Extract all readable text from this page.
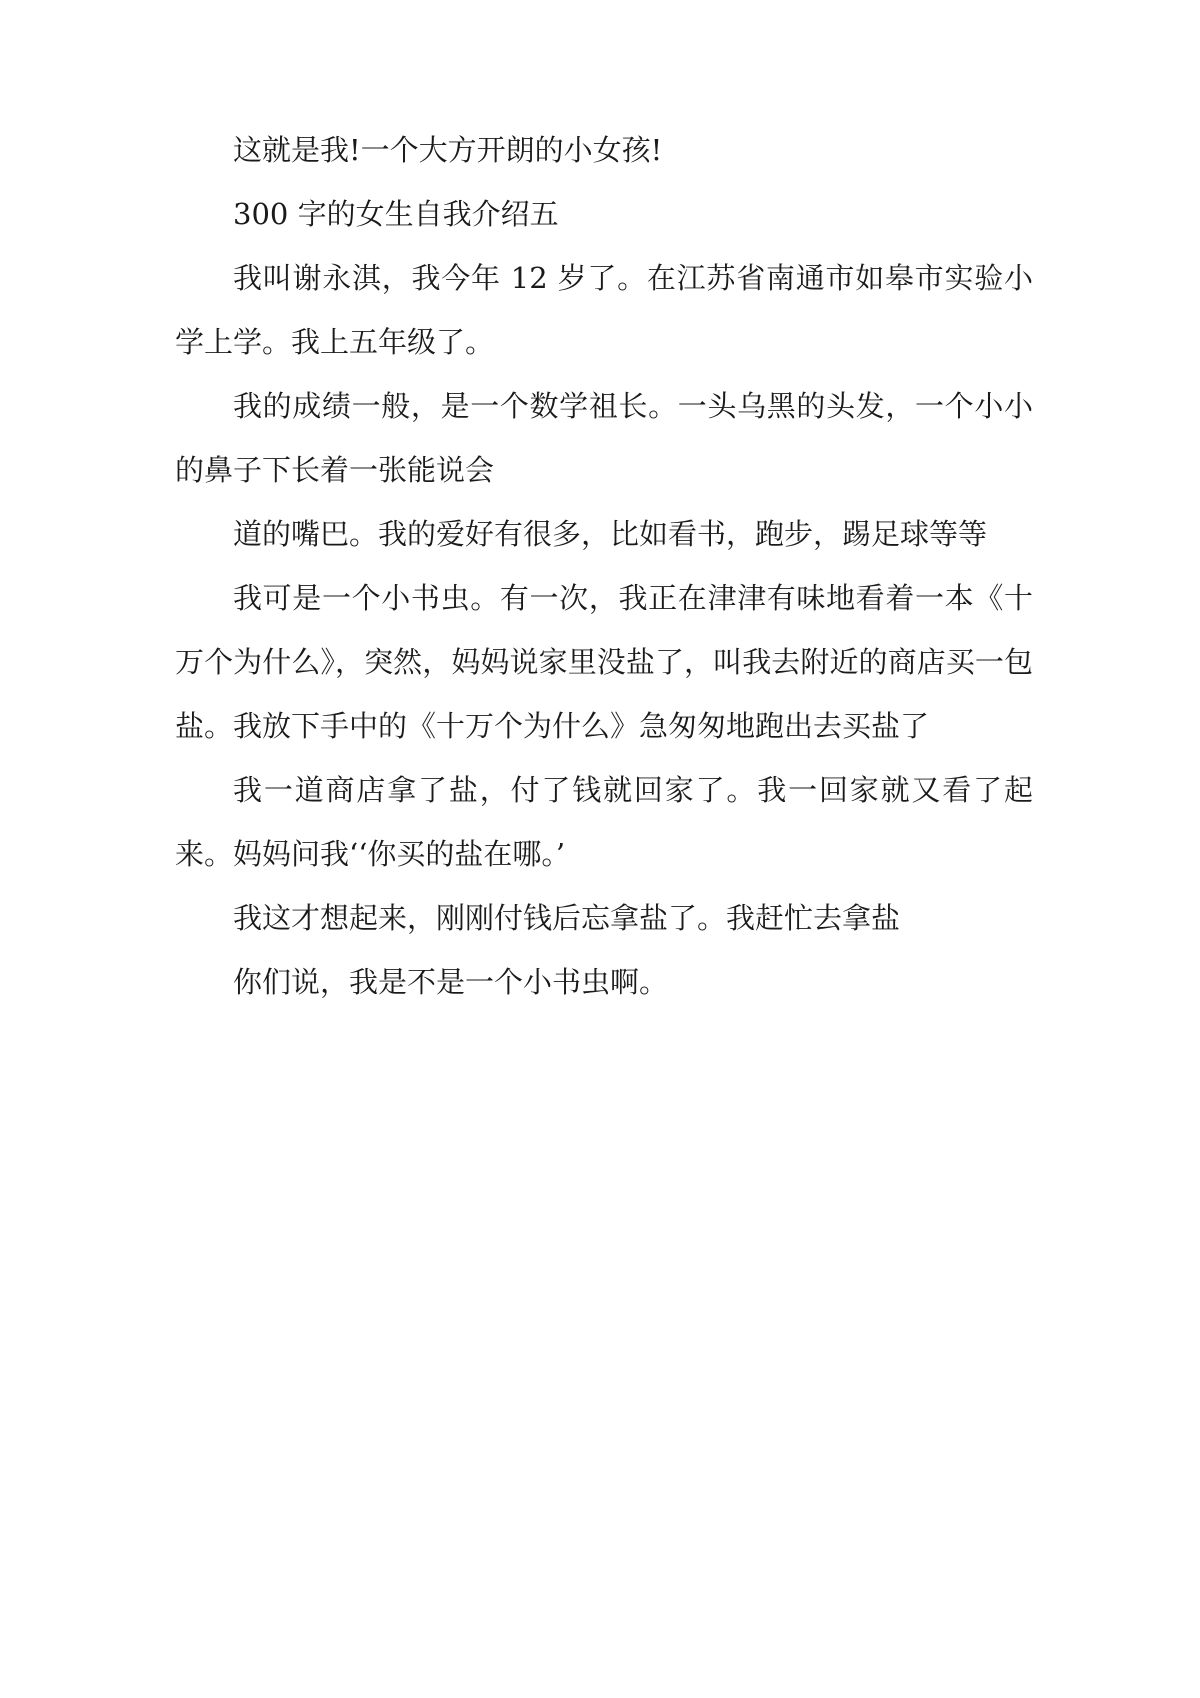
这就是我!一个大方开朗的小女孩!

300 字的女生自我介绍五

我叫谢永淇，我今年 12 岁了。在江苏省南通市如皋市实验小学上学。我上五年级了。

我的成绩一般，是一个数学祖长。一头乌黑的头发，一个小小的鼻子下长着一张能说会

道的嘴巴。我的爱好有很多，比如看书，跑步，踢足球等等

我可是一个小书虫。有一次，我正在津津有味地看着一本《十万个为什么》，突然，妈妈说家里没盐了，叫我去附近的商店买一包盐。我放下手中的《十万个为什么》急匆匆地跑出去买盐了

我一道商店拿了盐，付了钱就回家了。我一回家就又看了起来。妈妈问我‘‘你买的盐在哪。’

我这才想起来，刚刚付钱后忘拿盐了。我赶忙去拿盐

你们说，我是不是一个小书虫啊。
